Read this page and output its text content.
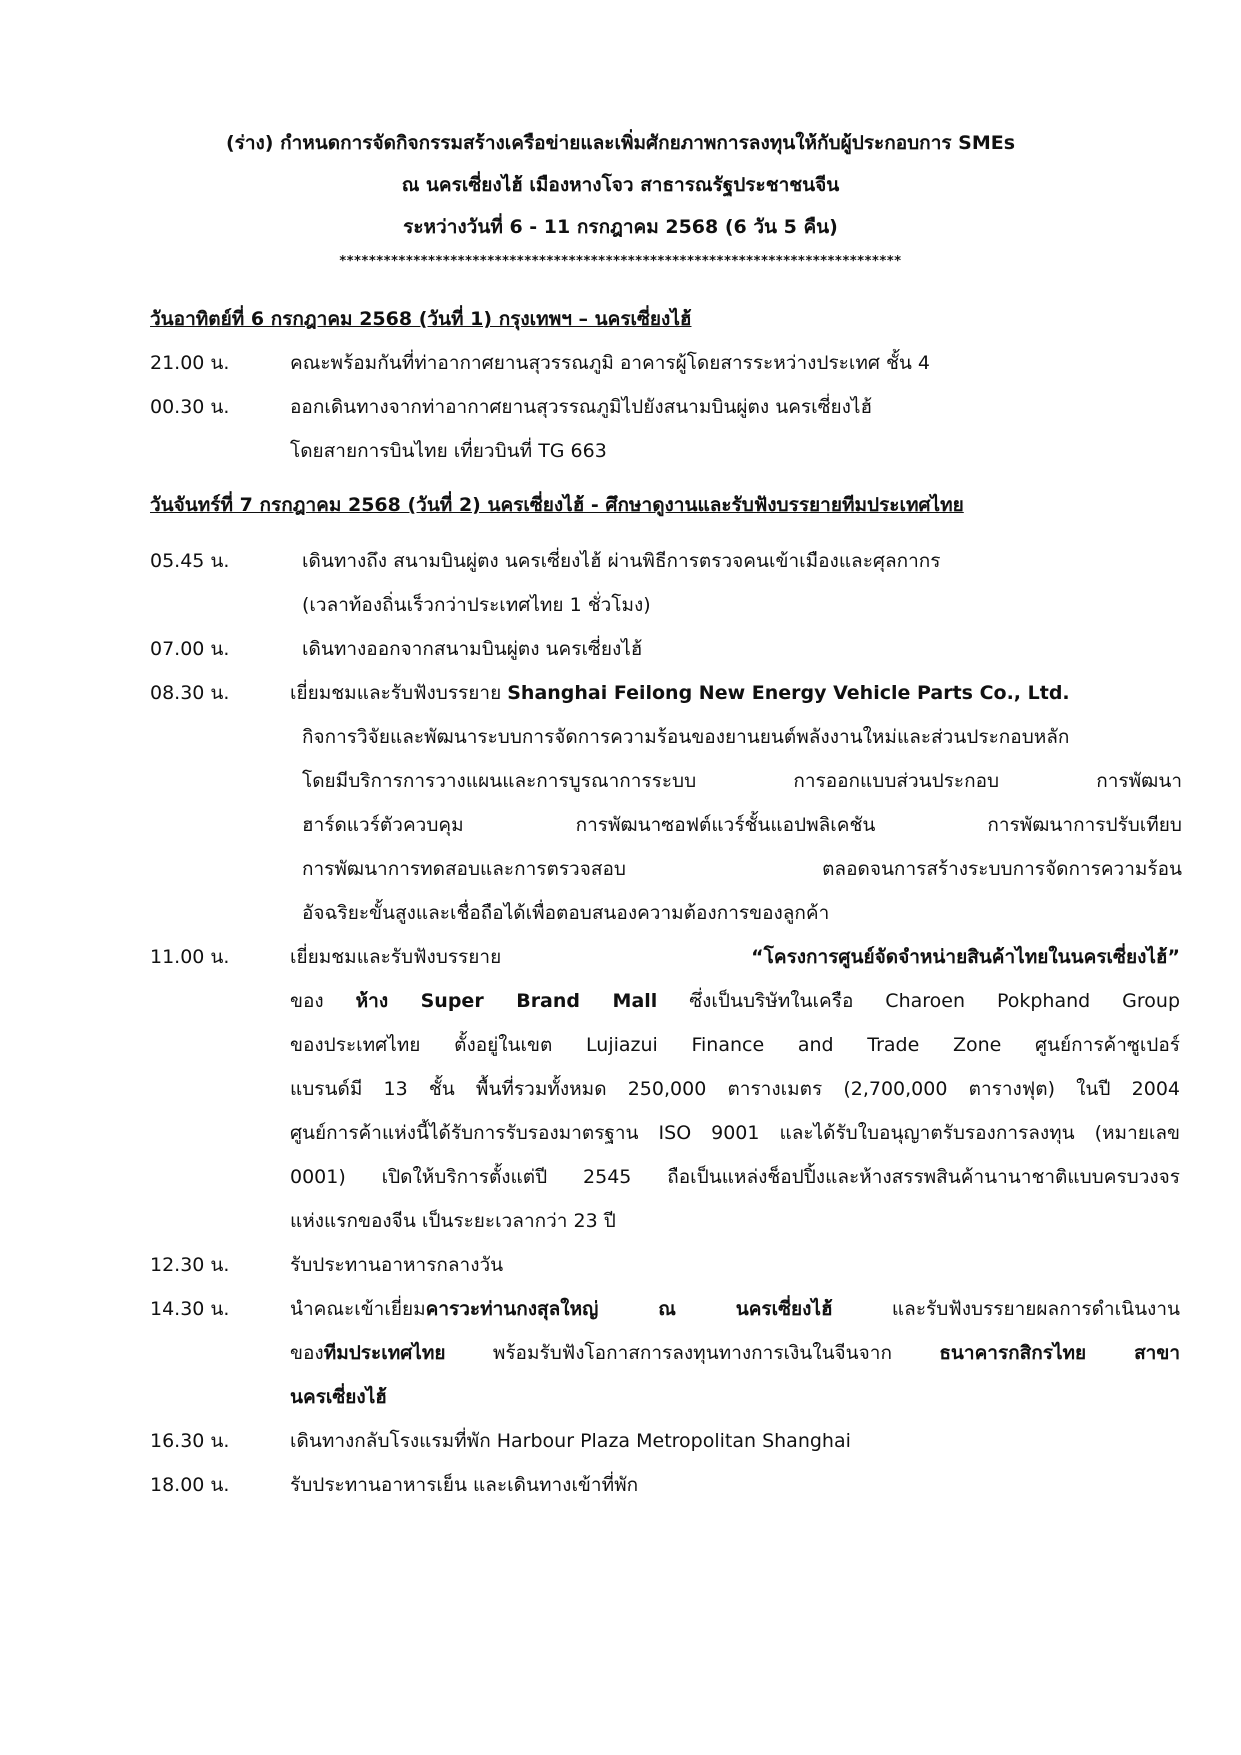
(ร่าง) กำหนดการจัดกิจกรรมสร้างเครือข่ายและเพิ่มศักยภาพการลงทุนให้กับผู้ประกอบการ SMEs
ณ นครเซี่ยงไฮ้ เมืองหางโจว สาธารณรัฐประชาชนจีน
ระหว่างวันที่ 6 - 11 กรกฎาคม 2568 (6 วัน 5 คืน)
****************************************************************************
วันอาทิตย์ที่ 6 กรกฎาคม 2568 (วันที่ 1) กรุงเทพฯ – นครเซี่ยงไฮ้
21.00 น.	คณะพร้อมกันที่ท่าอากาศยานสุวรรณภูมิ อาคารผู้โดยสารระหว่างประเทศ ชั้น 4
00.30 น.	ออกเดินทางจากท่าอากาศยานสุวรรณภูมิไปยังสนามบินผู่ตง นครเซี่ยงไฮ้
โดยสายการบินไทย เที่ยวบินที่ TG 663
วันจันทร์ที่ 7 กรกฎาคม 2568 (วันที่ 2) นครเซี่ยงไฮ้ - ศึกษาดูงานและรับฟังบรรยายทีมประเทศไทย
05.45 น.	เดินทางถึง สนามบินผู่ตง นครเซี่ยงไฮ้ ผ่านพิธีการตรวจคนเข้าเมืองและศุลกากร
(เวลาท้องถิ่นเร็วกว่าประเทศไทย 1 ชั่วโมง)
07.00 น.	เดินทางออกจากสนามบินผู่ตง นครเซี่ยงไฮ้
08.30 น.	เยี่ยมชมและรับฟังบรรยาย Shanghai Feilong New Energy Vehicle Parts Co., Ltd.
กิจการวิจัยและพัฒนาระบบการจัดการความร้อนของยานยนต์พลังงานใหม่และส่วนประกอบหลัก
โดยมีบริการการวางแผนและการบูรณาการระบบ การออกแบบส่วนประกอบ การพัฒนา
ฮาร์ดแวร์ตัวควบคุม การพัฒนาซอฟต์แวร์ชั้นแอปพลิเคชัน การพัฒนาการปรับเทียบ
การพัฒนาการทดสอบและการตรวจสอบ ตลอดจนการสร้างระบบการจัดการความร้อน
อัจฉริยะขั้นสูงและเชื่อถือได้เพื่อตอบสนองความต้องการของลูกค้า
11.00 น.	เยี่ยมชมและรับฟังบรรยาย “โครงการศูนย์จัดจำหน่ายสินค้าไทยในนครเซี่ยงไฮ้”
ของ ห้าง Super Brand Mall ซึ่งเป็นบริษัทในเครือ Charoen Pokphand Group
ของประเทศไทย ตั้งอยู่ในเขต Lujiazui Finance and Trade Zone ศูนย์การค้าซูเปอร์
แบรนด์มี 13 ชั้น พื้นที่รวมทั้งหมด 250,000 ตารางเมตร (2,700,000 ตารางฟุต) ในปี 2004
ศูนย์การค้าแห่งนี้ได้รับการรับรองมาตรฐาน ISO 9001 และได้รับใบอนุญาตรับรองการลงทุน (หมายเลข
0001) เปิดให้บริการตั้งแต่ปี 2545 ถือเป็นแหล่งช็อปปิ้งและห้างสรรพสินค้านานาชาติแบบครบวงจร
แห่งแรกของจีน เป็นระยะเวลากว่า 23 ปี
12.30 น.	รับประทานอาหารกลางวัน
14.30 น.	นำคณะเข้าเยี่ยมคารวะท่านกงสุลใหญ่ ณ นครเซี่ยงไฮ้ และรับฟังบรรยายผลการดำเนินงาน
ของทีมประเทศไทย พร้อมรับฟังโอกาสการลงทุนทางการเงินในจีนจาก ธนาคารกสิกรไทย สาขา
นครเซี่ยงไฮ้
16.30 น.	เดินทางกลับโรงแรมที่พัก Harbour Plaza Metropolitan Shanghai
18.00 น.	รับประทานอาหารเย็น และเดินทางเข้าที่พัก
